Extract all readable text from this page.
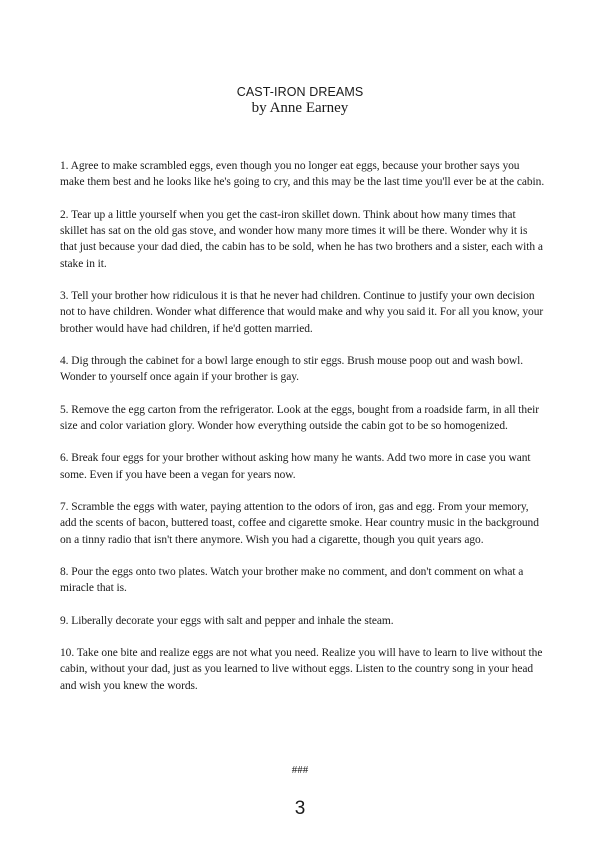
CAST-IRON DREAMS
by Anne Earney

1. Agree to make scrambled eggs, even though you no longer eat eggs, because your brother says you make them best and he looks like he's going to cry, and this may be the last time you'll ever be at the cabin.

2. Tear up a little yourself when you get the cast-iron skillet down. Think about how many times that skillet has sat on the old gas stove, and wonder how many more times it will be there. Wonder why it is that just because your dad died, the cabin has to be sold, when he has two brothers and a sister, each with a stake in it.

3. Tell your brother how ridiculous it is that he never had children. Continue to justify your own decision not to have children. Wonder what difference that would make and why you said it. For all you know, your brother would have had children, if he'd gotten married.

4. Dig through the cabinet for a bowl large enough to stir eggs. Brush mouse poop out and wash bowl. Wonder to yourself once again if your brother is gay.

5. Remove the egg carton from the refrigerator. Look at the eggs, bought from a roadside farm, in all their size and color variation glory. Wonder how everything outside the cabin got to be so homogenized.

6. Break four eggs for your brother without asking how many he wants. Add two more in case you want some. Even if you have been a vegan for years now.

7. Scramble the eggs with water, paying attention to the odors of iron, gas and egg. From your memory, add the scents of bacon, buttered toast, coffee and cigarette smoke. Hear country music in the background on a tinny radio that isn't there anymore. Wish you had a cigarette, though you quit years ago.

8. Pour the eggs onto two plates. Watch your brother make no comment, and don't comment on what a miracle that is.

9. Liberally decorate your eggs with salt and pepper and inhale the steam.

10. Take one bite and realize eggs are not what you need. Realize you will have to learn to live without the cabin, without your dad, just as you learned to live without eggs. Listen to the country song in your head and wish you knew the words.

###
3
